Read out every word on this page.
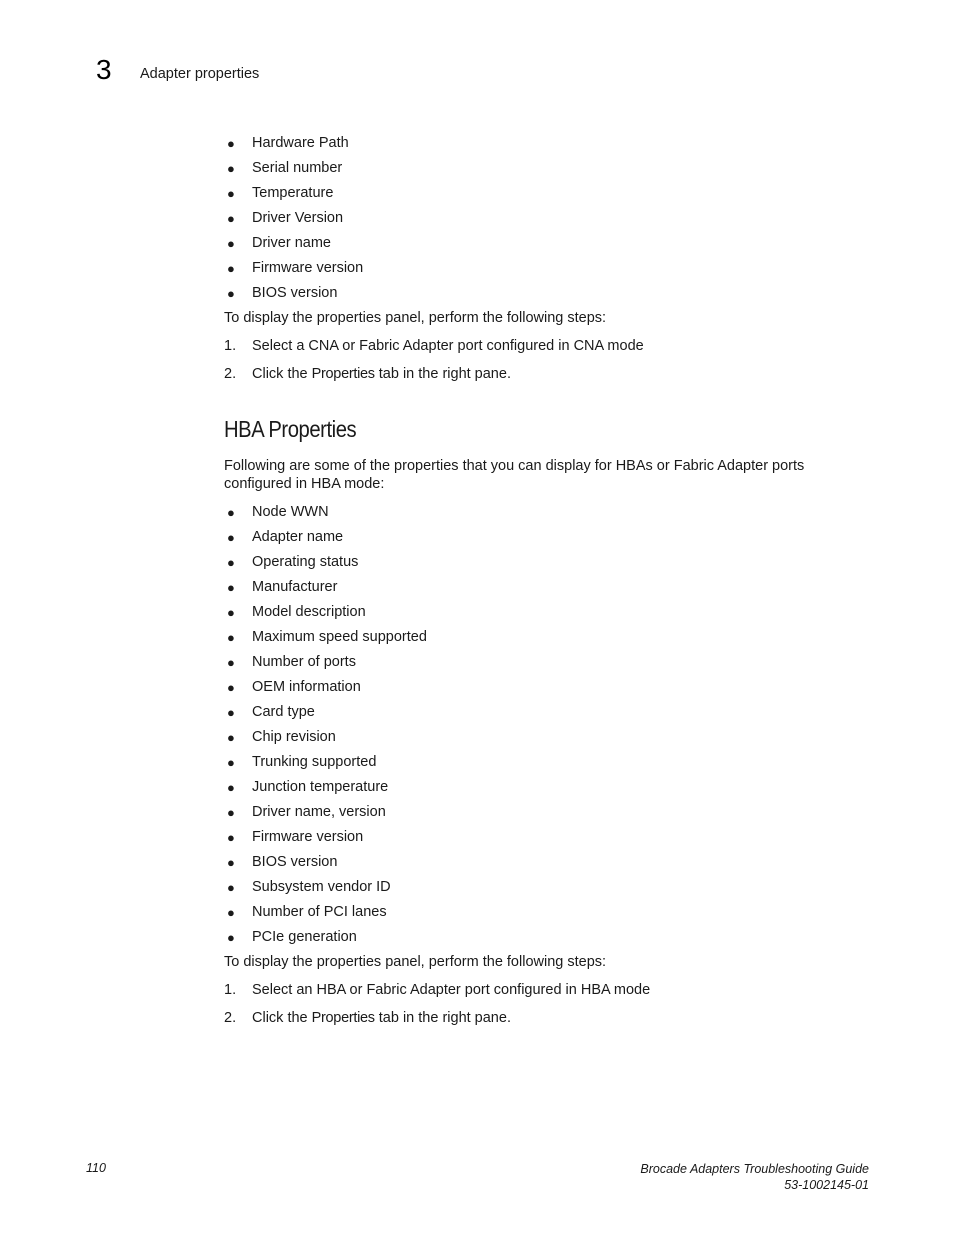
3 Adapter properties
● Hardware Path
● Serial number
● Temperature
● Driver Version
● Driver name
● Firmware version
● BIOS version

To display the properties panel, perform the following steps:

1. Select a CNA or Fabric Adapter port configured in CNA mode
2. Click the Properties tab in the right pane.
HBA Properties

Following are some of the properties that you can display for HBAs or Fabric Adapter ports configured in HBA mode:

● Node WWN
● Adapter name
● Operating status
● Manufacturer
● Model description
● Maximum speed supported
● Number of ports
● OEM information
● Card type
● Chip revision
● Trunking supported
● Junction temperature
● Driver name, version
● Firmware version
● BIOS version
● Subsystem vendor ID
● Number of PCI lanes
● PCIe generation

To display the properties panel, perform the following steps:

1. Select an HBA or Fabric Adapter port configured in HBA mode
2. Click the Properties tab in the right pane.
110	Brocade Adapters Troubleshooting Guide
53-1002145-01
